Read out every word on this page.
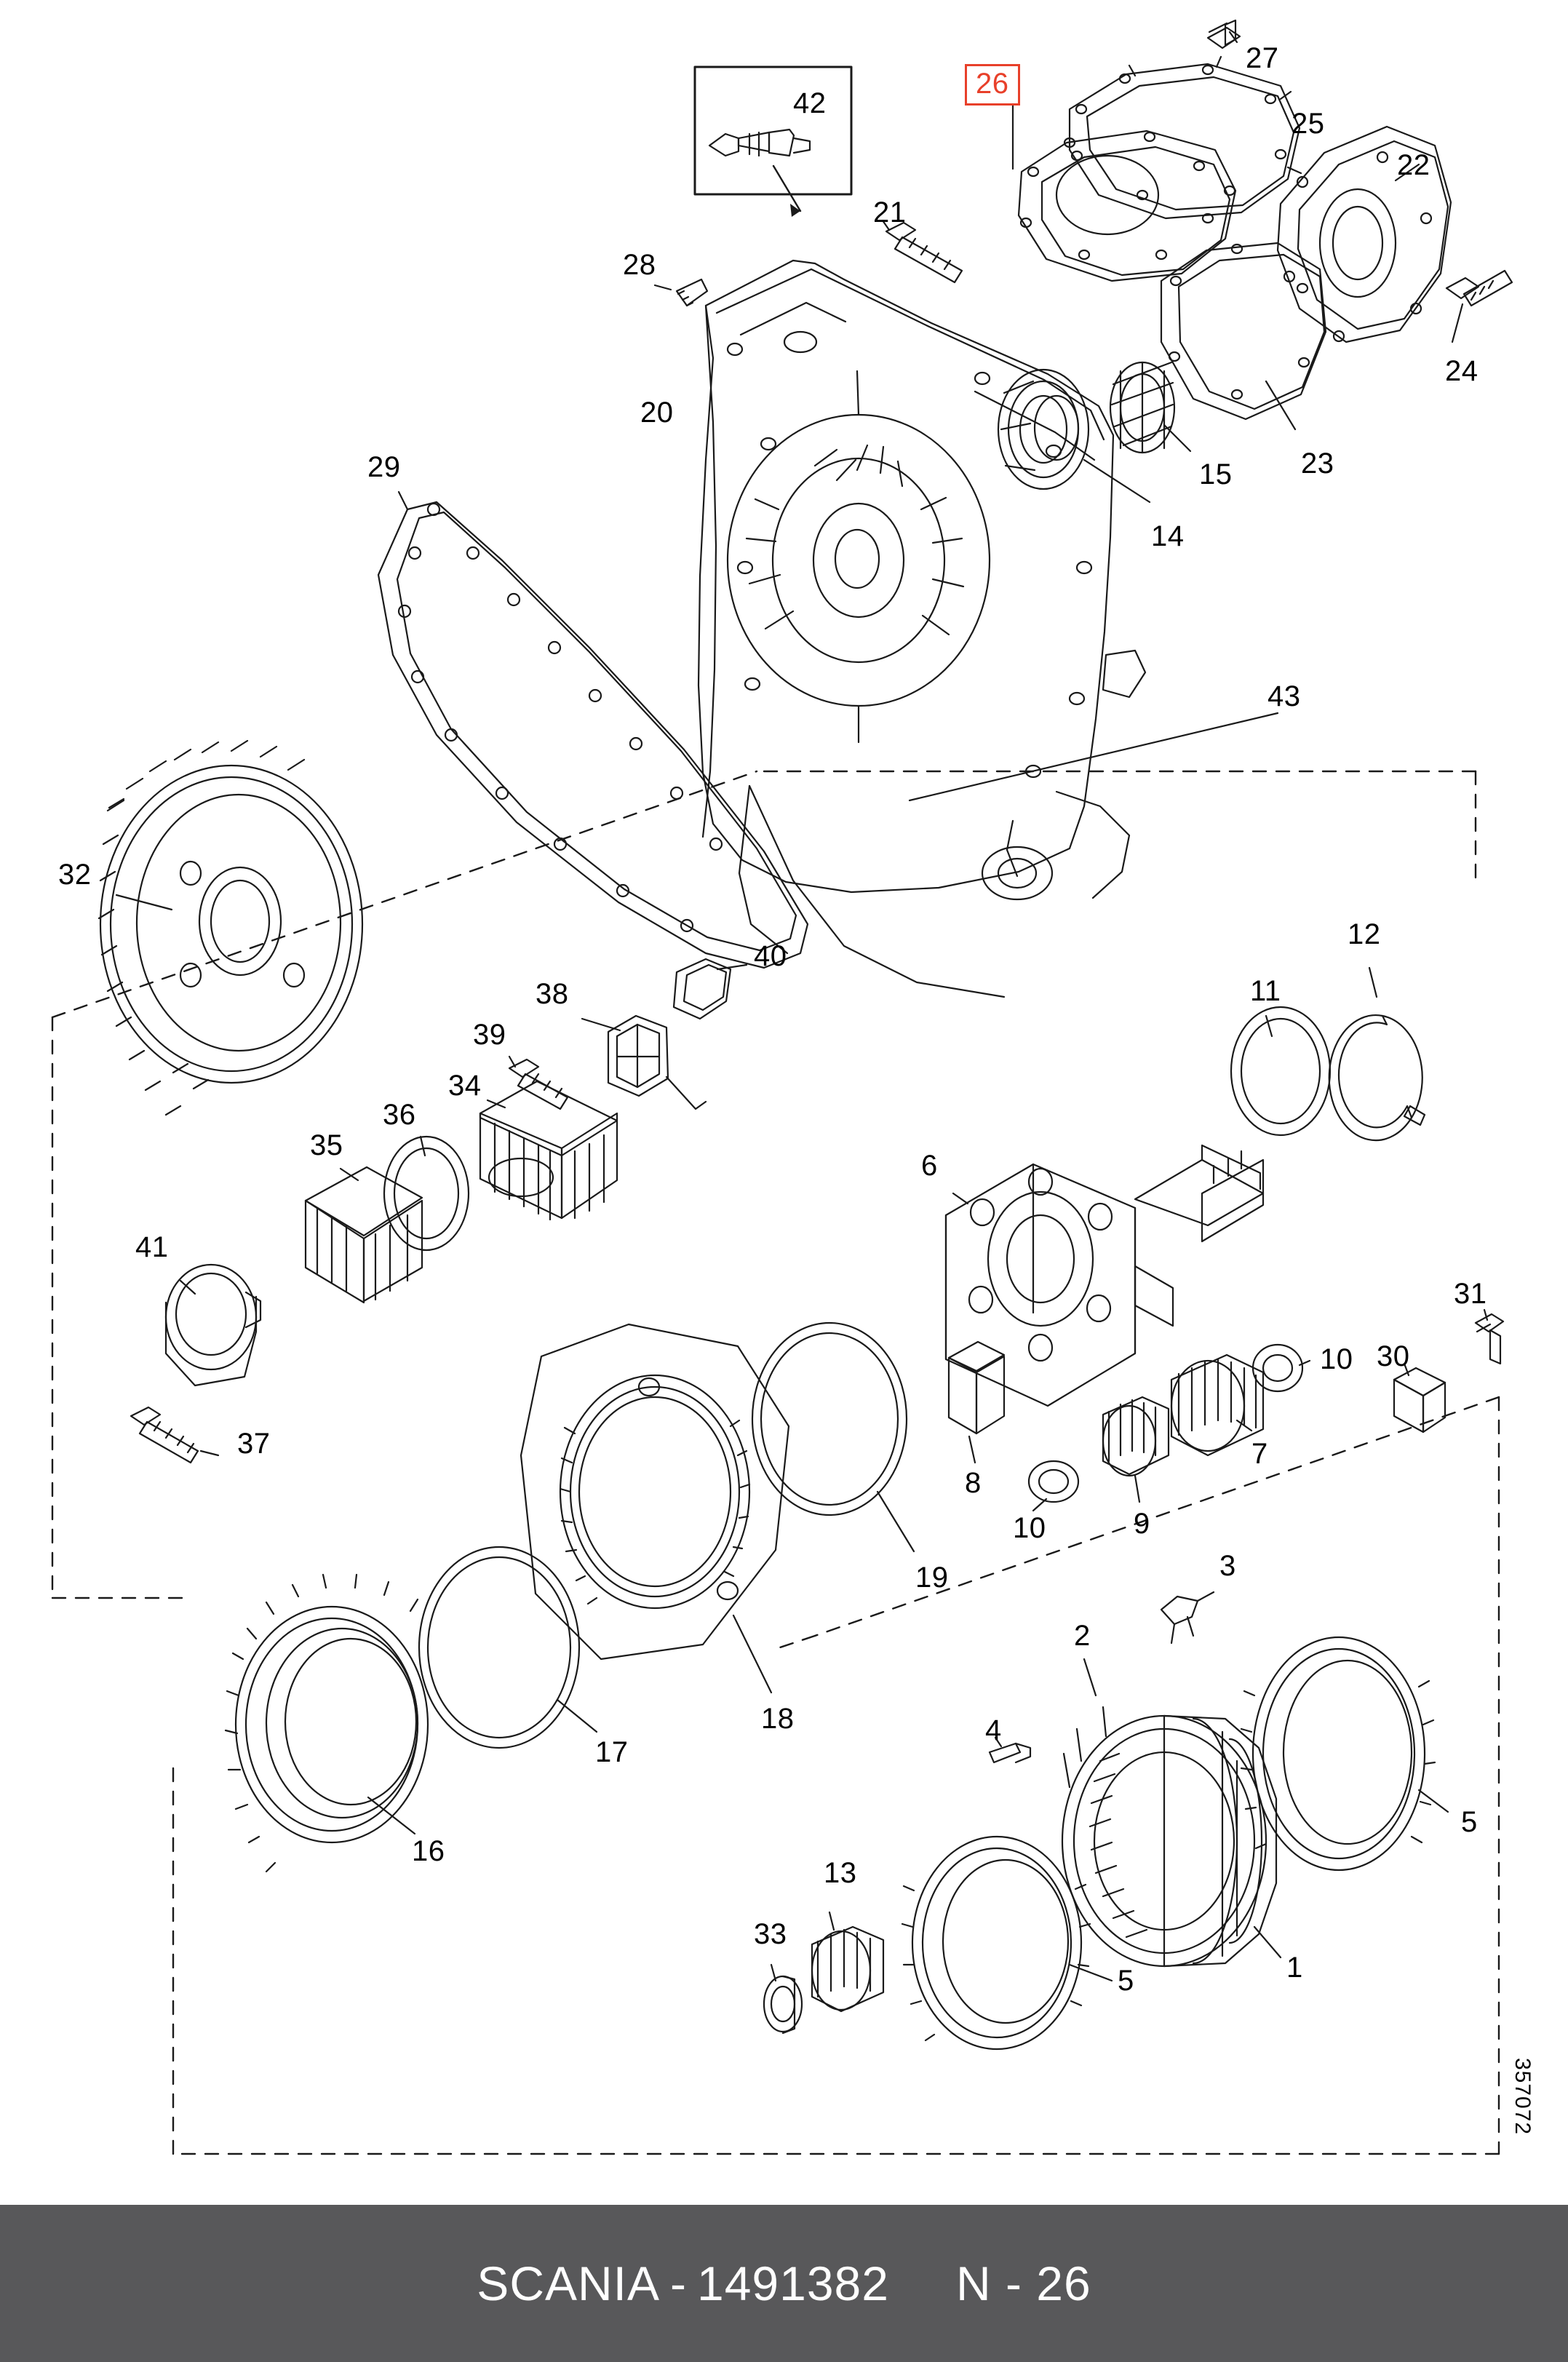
42
27
26
25
22
21
28
24
20
15 23
14
29
43
32
40
12
11
38
39
34
36
35
6
41
31
30
10
37	7
8
9
10
19	3
2
17
18	4
5
16
13
1
5
33
357072
SCANIA - 1491382 N - 26
